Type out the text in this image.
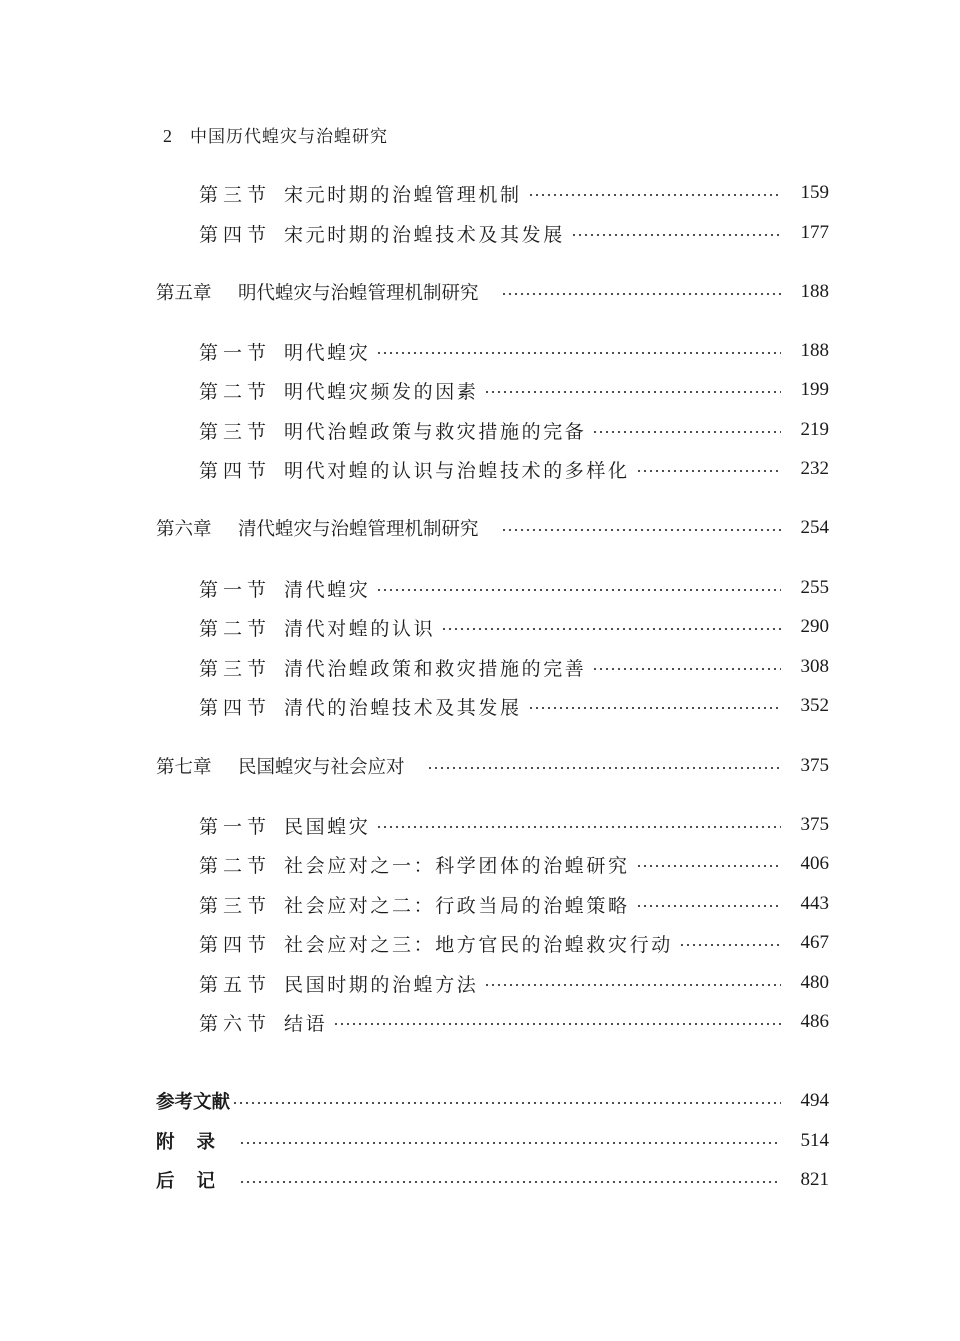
2 中国历代蝗灾与治蝗研究
第三节 宋元时期的治蝗管理机制	159
第四节 宋元时期的治蝗技术及其发展	177
第五章	明代蝗灾与治蝗管理机制研究	188
第一节 明代蝗灾	188
第二节 明代蝗灾频发的因素	199
第三节 明代治蝗政策与救灾措施的完备	219
第四节 明代对蝗的认识与治蝗技术的多样化	232
第六章	清代蝗灾与治蝗管理机制研究	254
第一节 清代蝗灾	255
第二节 清代对蝗的认识	290
第三节 清代治蝗政策和救灾措施的完善	308
第四节 清代的治蝗技术及其发展	352
第七章	民国蝗灾与社会应对	375
第一节 民国蝗灾	375
第二节 社会应对之一：科学团体的治蝗研究	406
第三节 社会应对之二：行政当局的治蝗策略	443
第四节 社会应对之三：地方官民的治蝗救灾行动	467
第五节 民国时期的治蝗方法	480
第六节 结语	486
参考文献	494
附录	514
后记	821
